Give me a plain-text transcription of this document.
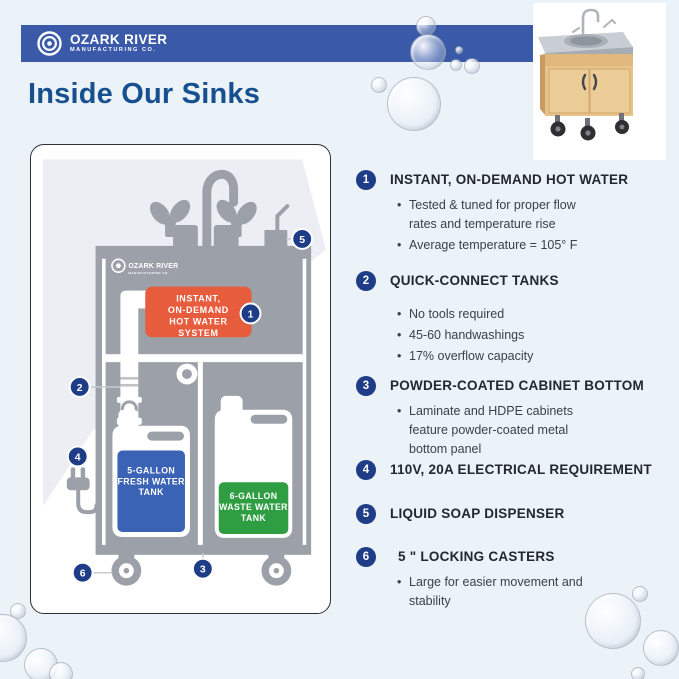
OZARK RIVER
MANUFACTURING CO.
Inside Our Sinks
OZARK RIVER
MANUFACTURING CO.
INSTANT,
ON-DEMAND
HOT WATER
SYSTEM
5-GALLON
FRESH WATER
TANK	6-GALLON
WASTE WATER
TANK
1
2
3
4
5
6
1	INSTANT, ON-DEMAND HOT WATER
• Tested & tuned for proper flow rates and temperature rise
• Average temperature = 105° F
2	QUICK-CONNECT TANKS
• No tools required
• 45-60 handwashings
• 17% overflow capacity
3	POWDER-COATED CABINET BOTTOM
• Laminate and HDPE cabinets feature powder-coated metal bottom panel
4	110V, 20A ELECTRICAL REQUIREMENT
5	LIQUID SOAP DISPENSER
6	5 " LOCKING CASTERS
• Large for easier movement and stability
